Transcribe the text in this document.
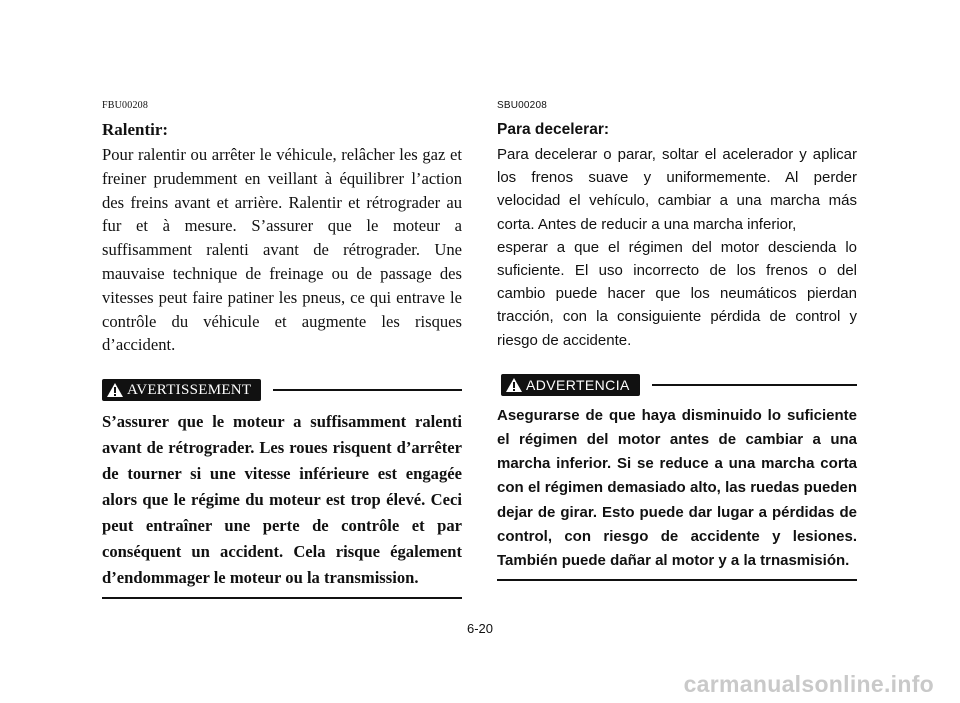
FBU00208
Ralentir:

Pour ralentir ou arrêter le véhicule, relâcher les gaz et freiner prudemment en veillant à équilibrer l’action des freins avant et arrière. Ralentir et rétrograder au fur et à mesure. S’assurer que le moteur a suffisamment ralenti avant de rétrograder. Une mauvaise technique de freinage ou de passage des vitesses peut faire patiner les pneus, ce qui entrave le contrôle du véhicule et augmente les risques d’accident.

AVERTISSEMENT

S’assurer que le moteur a suffisamment ralenti avant de rétrograder. Les roues risquent d’arrêter de tourner si une vitesse inférieure est engagée alors que le régime du moteur est trop élevé. Ceci peut entraîner une perte de contrôle et par conséquent un accident. Cela risque également d’endommager le moteur ou la transmission.

SBU00208
Para decelerar:

Para decelerar o parar, soltar el acelerador y aplicar los frenos suave y uniformemente. Al perder velocidad el vehículo, cambiar a una marcha más corta. Antes de reducir a una marcha inferior,

esperar a que el régimen del motor descienda lo suficiente. El uso incorrecto de los frenos o del cambio puede hacer que los neumáticos pierdan tracción, con la consiguiente pérdida de control y riesgo de accidente.

ADVERTENCIA

Asegurarse de que haya disminuido lo suficiente el régimen del motor antes de cambiar a una marcha inferior. Si se reduce a una marcha corta con el régimen demasiado alto, las ruedas pueden dejar de girar. Esto puede dar lugar a pérdidas de control, con riesgo de accidente y lesiones. También puede dañar al motor y a la trnasmisión.

6-20
carmanualsonline.info
